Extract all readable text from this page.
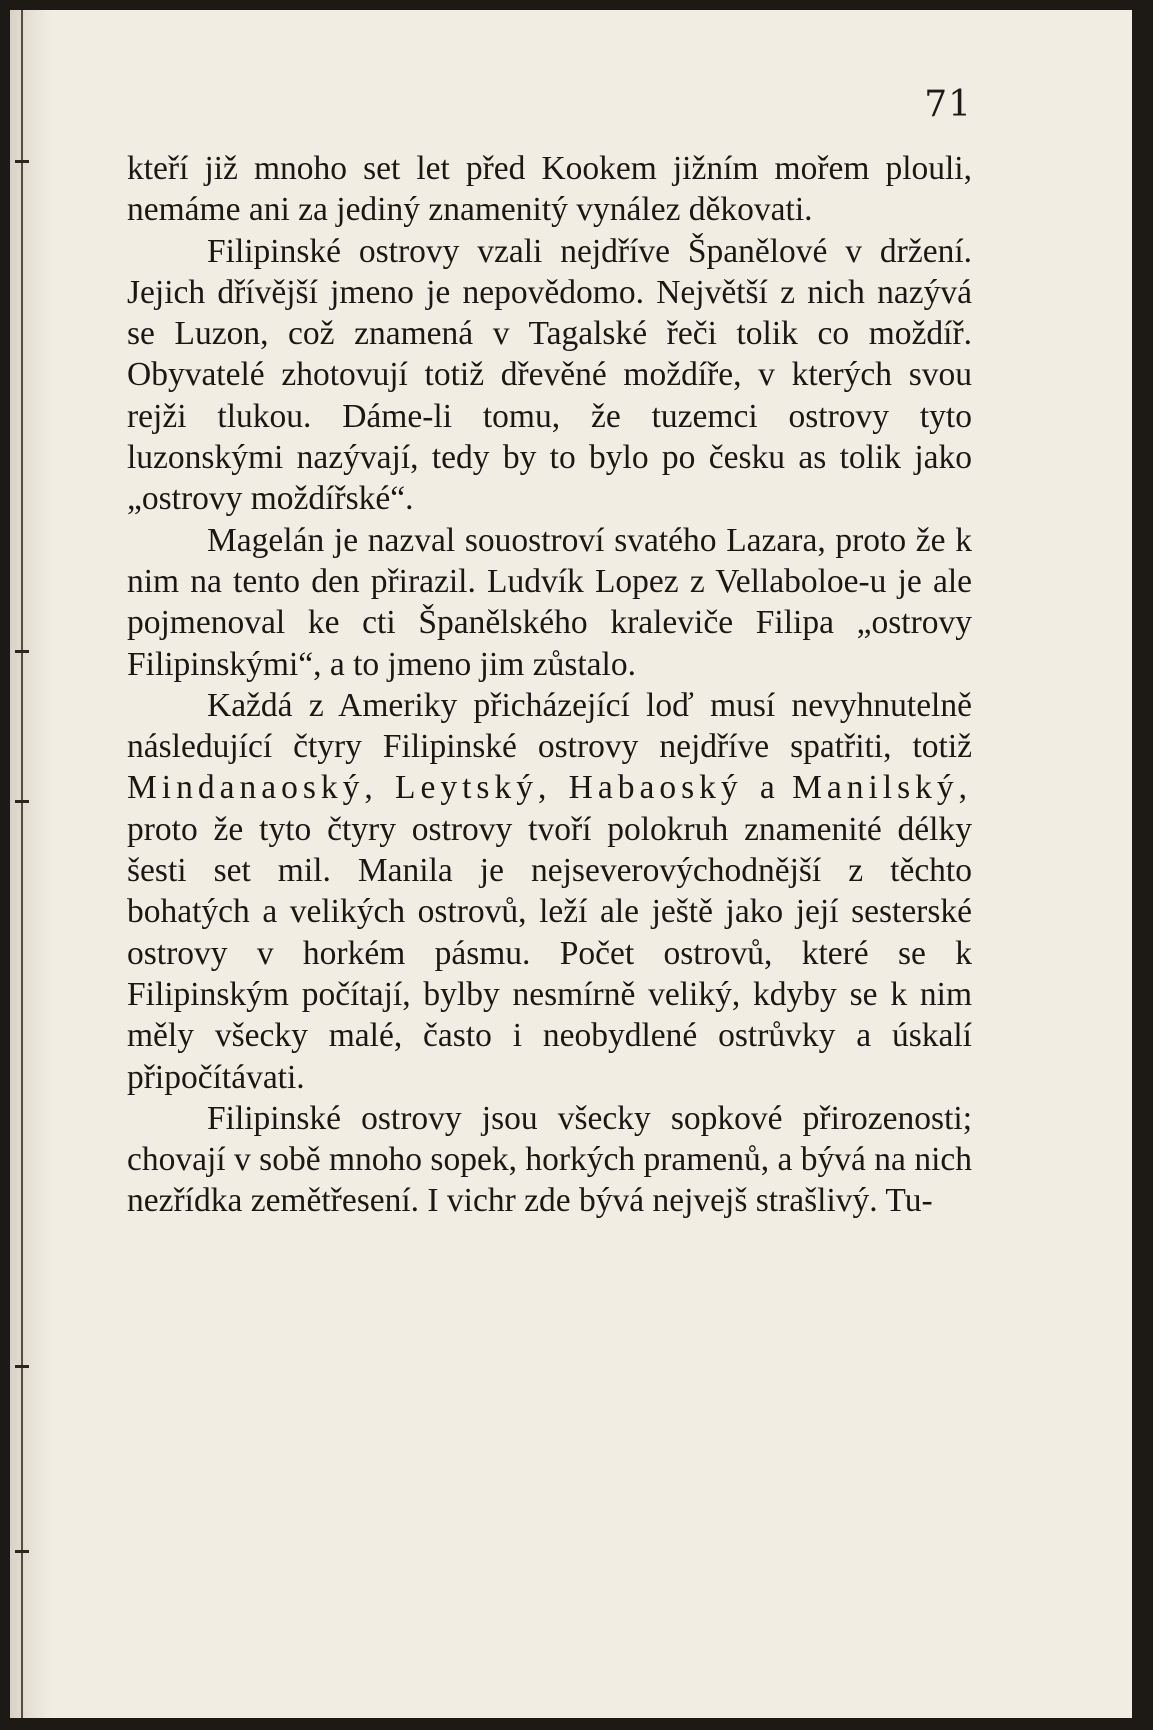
71

kteří již mnoho set let před Kookem jižním mořem plouli, nemáme ani za jediný znamenitý vynález děkovati.

Filipinské ostrovy vzali nejdříve Španělové v držení. Jejich dřívější jmeno je nepovědomo. Největší z nich nazývá se Luzon, což znamená v Tagalské řeči tolik co moždíř. Obyvatelé zhotovují totiž dřevěné moždíře, v kterých svou rejži tlukou. Dáme-li tomu, že tuzemci ostrovy tyto luzonskými nazývají, tedy by to bylo po česku as tolik jako „ostrovy moždířské“.

Magelán je nazval souostroví svatého Lazara, proto že k nim na tento den přirazil. Ludvík Lopez z Vellaboloe-u je ale pojmenoval ke cti Španělského kraleviče Filipa „ostrovy Filipinskými“, a to jmeno jim zůstalo.

Každá z Ameriky přicházející loď musí nevyhnutelně následující čtyry Filipinské ostrovy nejdříve spatřiti, totiž Mindanaoský, Leytský, Habaoský a Manilský, proto že tyto čtyry ostrovy tvoří polokruh znamenité délky šesti set mil. Manila je nejseverovýchodnější z těchto bohatých a velikých ostrovů, leží ale ještě jako její sesterské ostrovy v horkém pásmu. Počet ostrovů, které se k Filipinským počítají, bylby nesmírně veliký, kdyby se k nim měly všecky malé, často i neobydlené ostrůvky a úskalí připočítávati.

Filipinské ostrovy jsou všecky sopkové přirozenosti; chovají v sobě mnoho sopek, horkých pramenů, a bývá na nich nezřídka zemětřesení. I vichr zde bývá nejvejš strašlivý. Tu-
